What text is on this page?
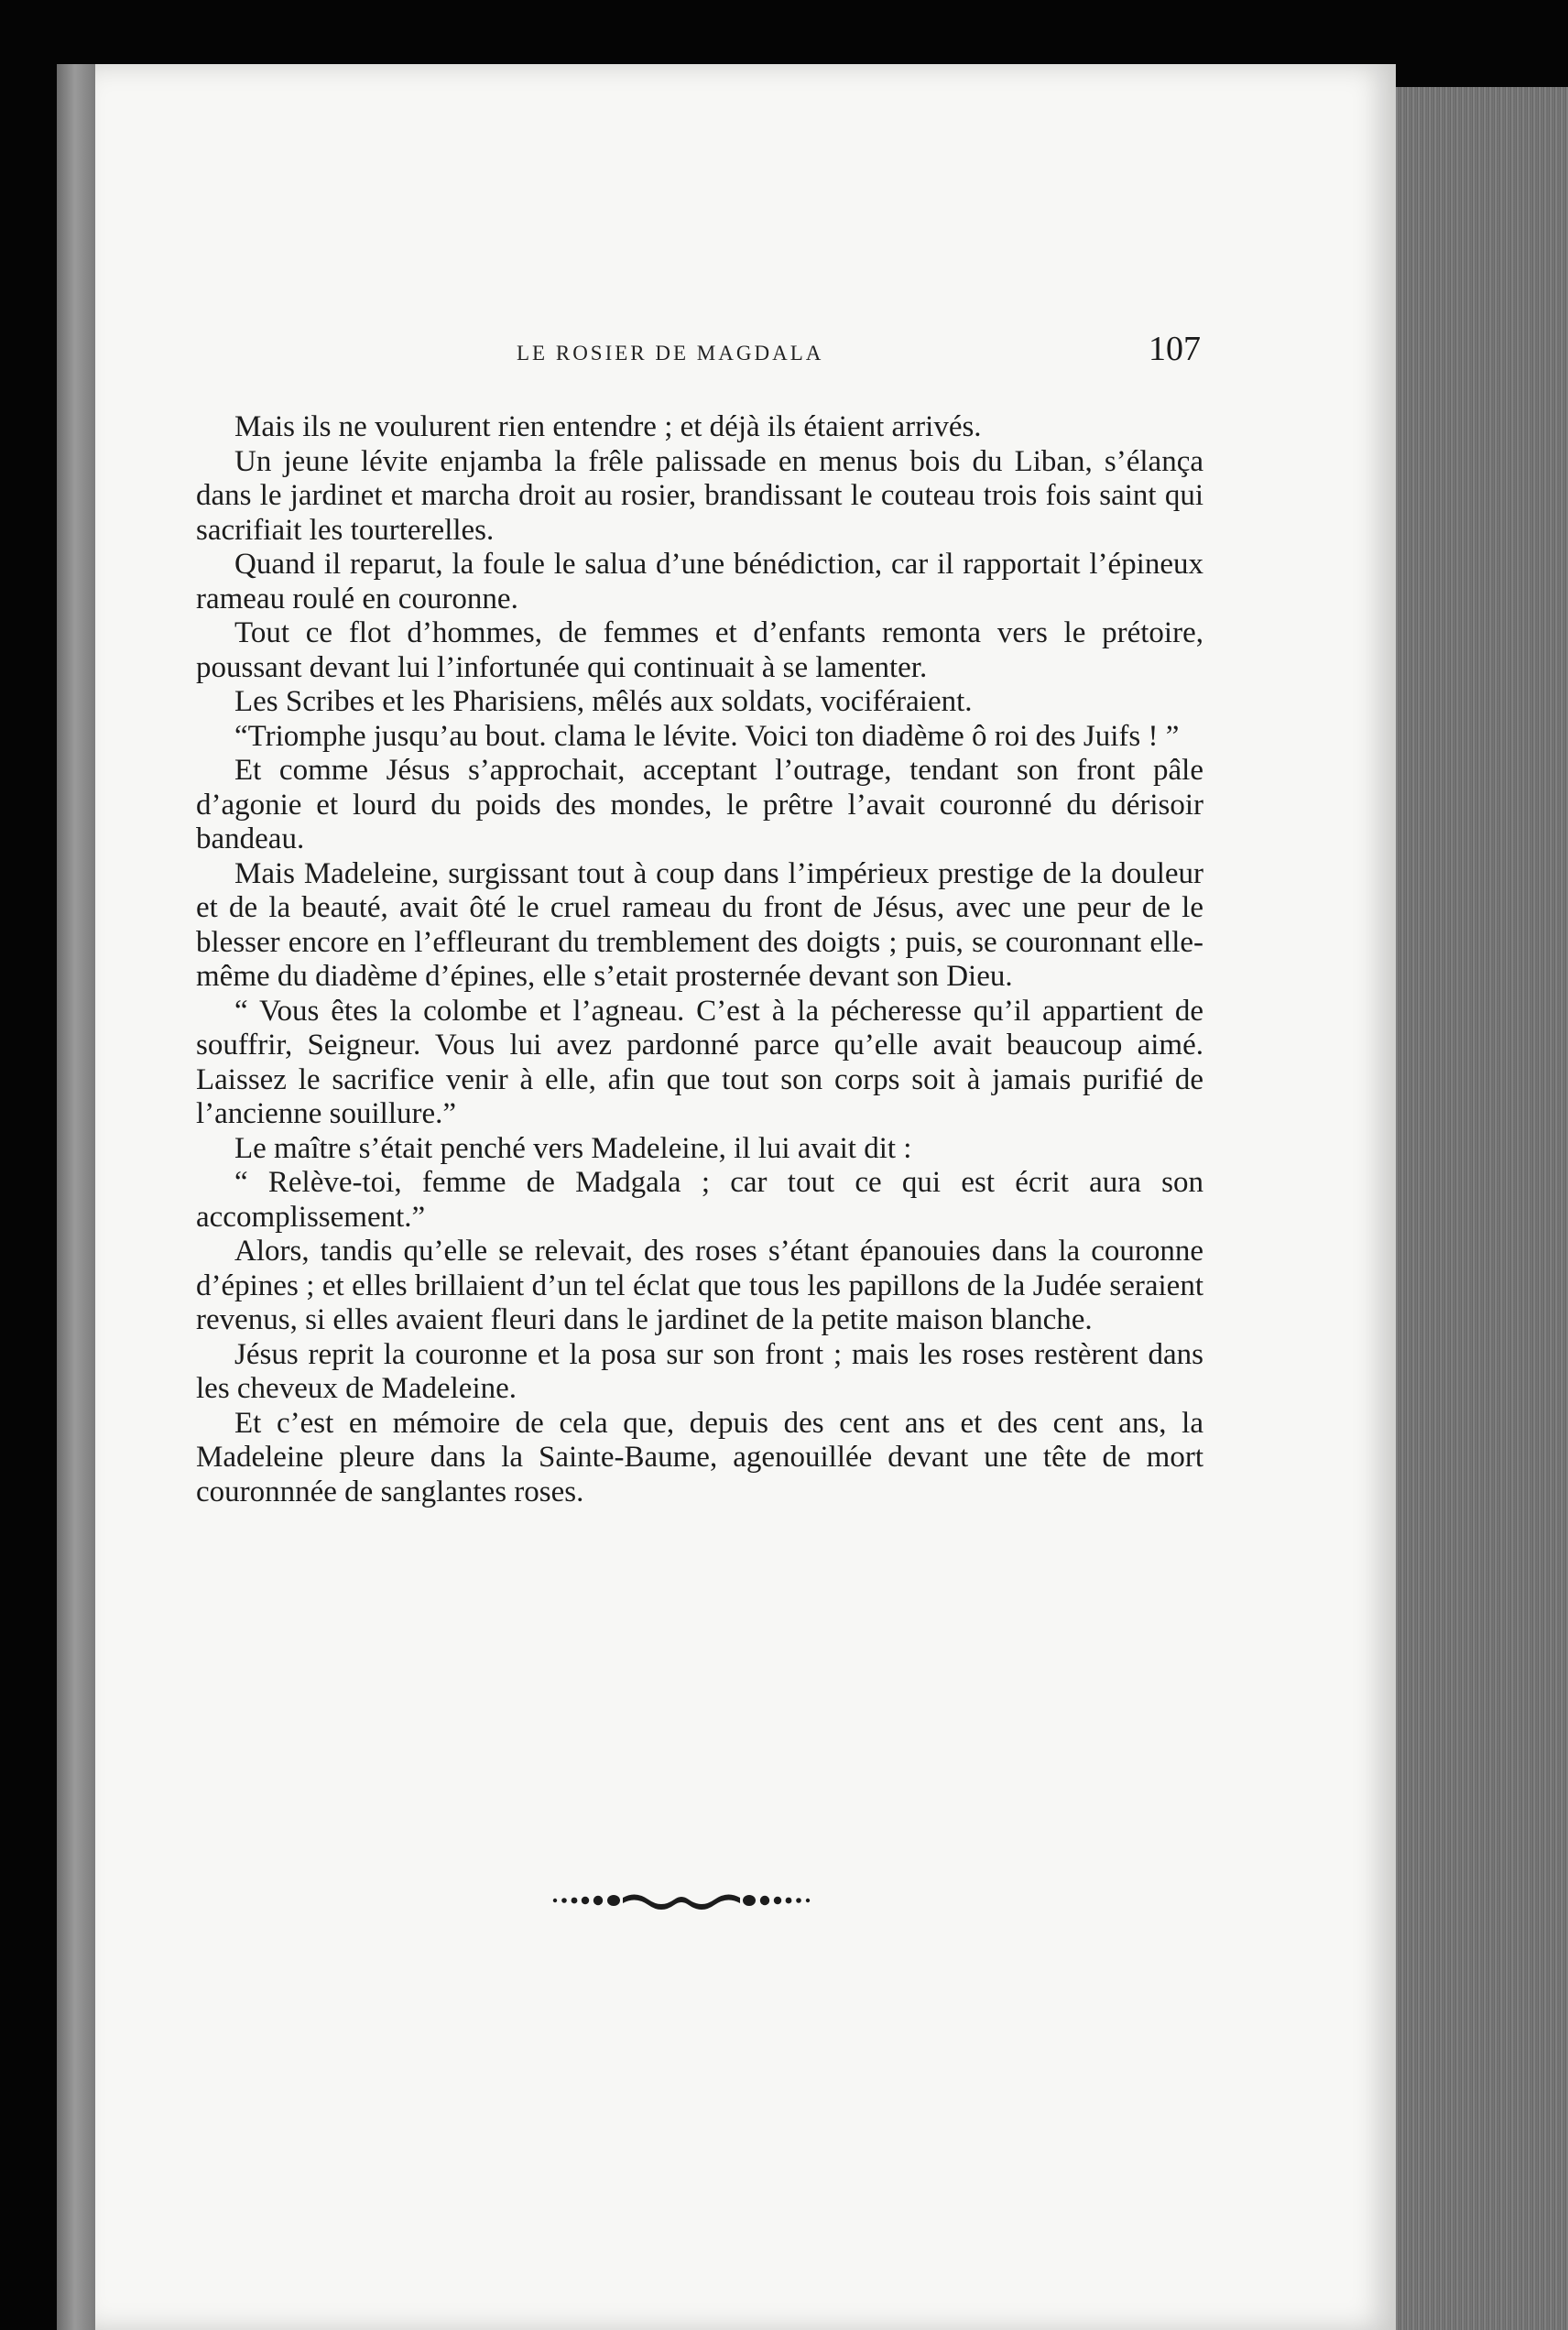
LE ROSIER DE MAGDALA	107

Mais ils ne voulurent rien entendre ; et déjà ils étaient arrivés.

Un jeune lévite enjamba la frêle palissade en menus bois du Liban, s’élança dans le jardinet et marcha droit au rosier, brandissant le couteau trois fois saint qui sacrifiait les tourterelles.

Quand il reparut, la foule le salua d’une bénédiction, car il rapportait l’épineux rameau roulé en couronne.

Tout ce flot d’hommes, de femmes et d’enfants remonta vers le prétoire, poussant devant lui l’infortunée qui continuait à se lamenter.

Les Scribes et les Pharisiens, mêlés aux soldats, vociféraient.

“Triomphe jusqu’au bout. clama le lévite. Voici ton diadème ô roi des Juifs ! ”

Et comme Jésus s’approchait, acceptant l’outrage, tendant son front pâle d’agonie et lourd du poids des mondes, le prêtre l’avait couronné du dérisoir bandeau.

Mais Madeleine, surgissant tout à coup dans l’impérieux prestige de la douleur et de la beauté, avait ôté le cruel rameau du front de Jésus, avec une peur de le blesser encore en l’effleurant du tremblement des doigts ; puis, se couronnant elle-même du diadème d’épines, elle s’etait prosternée devant son Dieu.

“ Vous êtes la colombe et l’agneau. C’est à la pécheresse qu’il appartient de souffrir, Seigneur. Vous lui avez pardonné parce qu’elle avait beaucoup aimé. Laissez le sacrifice venir à elle, afin que tout son corps soit à jamais purifié de l’ancienne souillure.”

Le maître s’était penché vers Madeleine, il lui avait dit :

“ Relève-toi, femme de Madgala ; car tout ce qui est écrit aura son accomplissement.”

Alors, tandis qu’elle se relevait, des roses s’étant épanouies dans la couronne d’épines ; et elles brillaient d’un tel éclat que tous les papillons de la Judée seraient revenus, si elles avaient fleuri dans le jardinet de la petite maison blanche.

Jésus reprit la couronne et la posa sur son front ; mais les roses restèrent dans les cheveux de Madeleine.

Et c’est en mémoire de cela que, depuis des cent ans et des cent ans, la Madeleine pleure dans la Sainte-Baume, agenouillée devant une tête de mort couronnnée de sanglantes roses.
